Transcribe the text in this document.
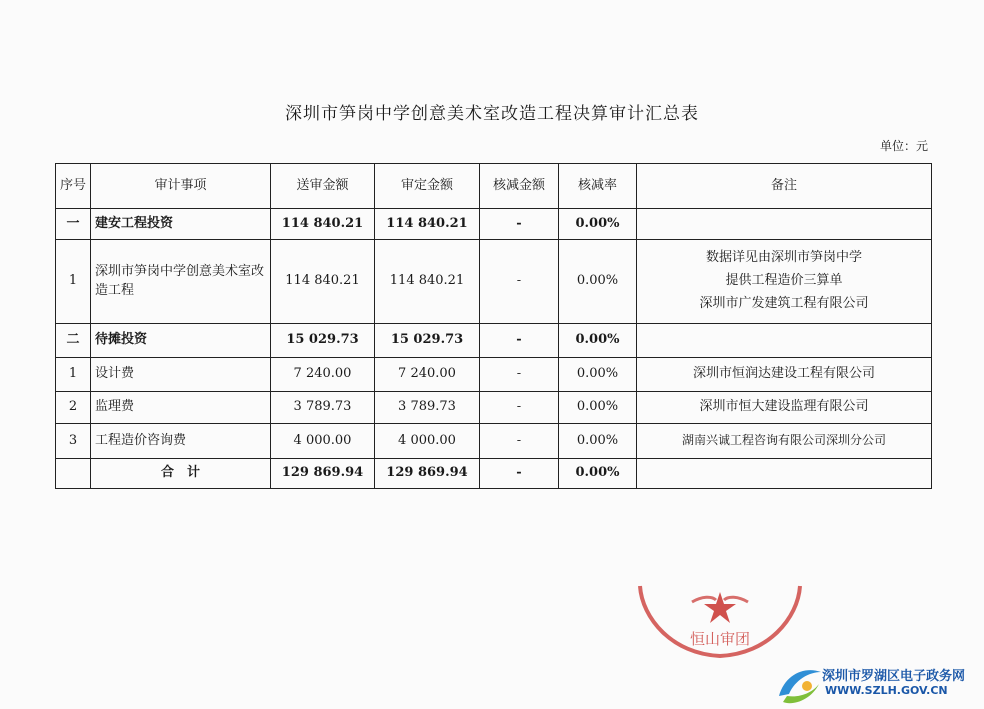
深圳市笋岗中学创意美术室改造工程决算审计汇总表
单位：元
序号	审计事项	送审金额	审定金额	核减金额	核减率	备注
一	建安工程投资	114 840.21	114 840.21	-	0.00%	
1	深圳市笋岗中学创意美术室改造工程	114 840.21	114 840.21	-	0.00%	数据详见由深圳市笋岗中学
提供工程造价三算单
深圳市广发建筑工程有限公司

二	待摊投资	15 029.73	15 029.73	-	0.00%	
1	设计费	7 240.00	7 240.00	-	0.00%	深圳市恒润达建设工程有限公司
2	监理费	3 789.73	3 789.73	-	0.00%	深圳市恒大建设监理有限公司
3	工程造价咨询费	4 000.00	4 000.00	-	0.00%	湖南兴诚工程咨询有限公司深圳分公司
	合　计	129 869.94	129 869.94	-	0.00%	
恒山审团
深圳市罗湖区电子政务网
WWW.SZLH.GOV.CN
